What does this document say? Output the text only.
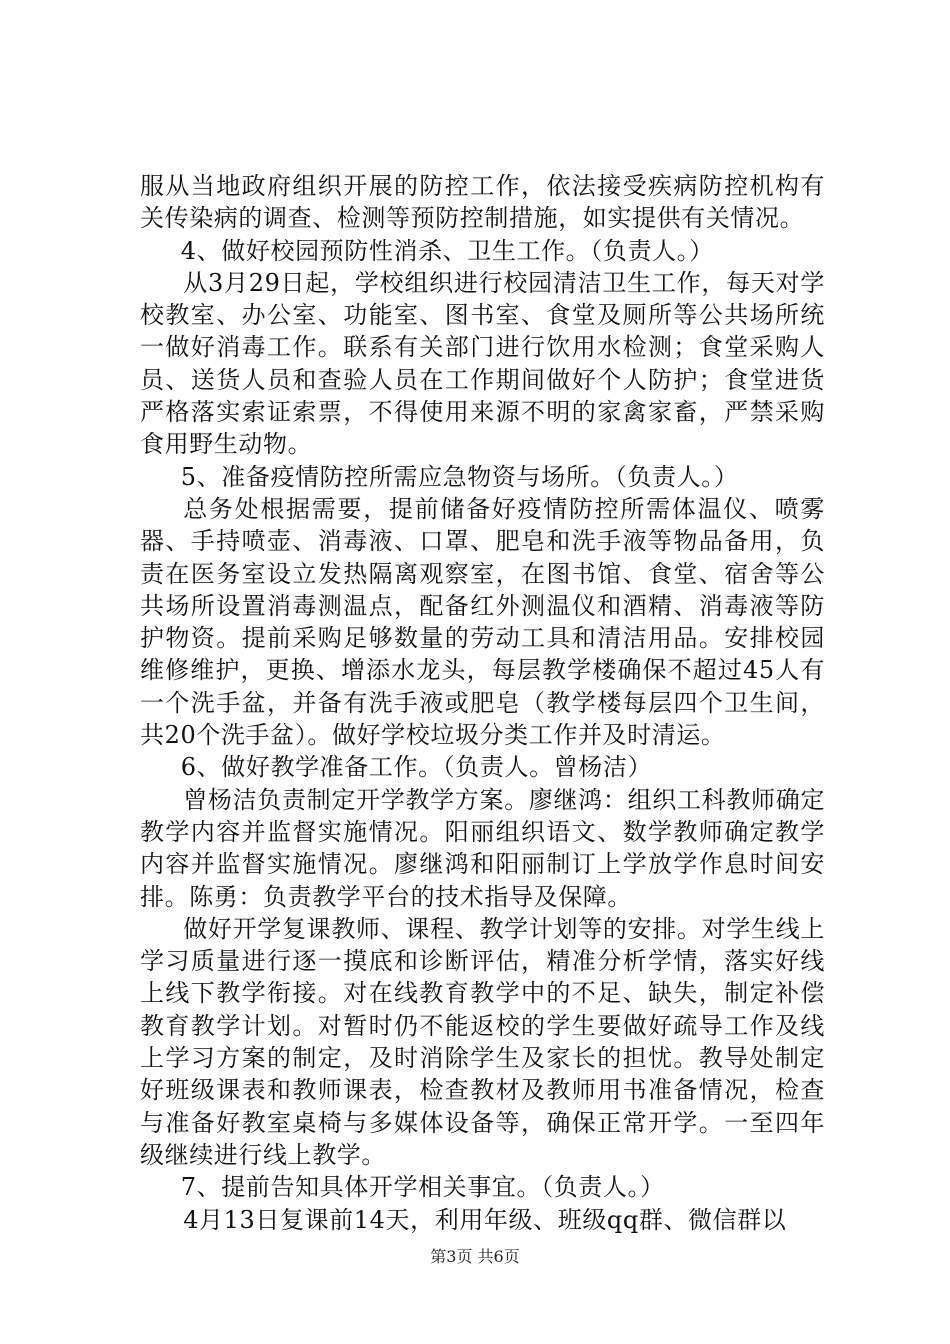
服从当地政府组织开展的防控工作，依法接受疾病防控机构有关传染病的调查、检测等预防控制措施，如实提供有关情况。

4、做好校园预防性消杀、卫生工作。（负责人。）

从3月29日起，学校组织进行校园清洁卫生工作，每天对学校教室、办公室、功能室、图书室、食堂及厕所等公共场所统一做好消毒工作。联系有关部门进行饮用水检测；食堂采购人员、送货人员和查验人员在工作期间做好个人防护；食堂进货严格落实索证索票，不得使用来源不明的家禽家畜，严禁采购食用野生动物。

5、准备疫情防控所需应急物资与场所。（负责人。）

总务处根据需要，提前储备好疫情防控所需体温仪、喷雾器、手持喷壶、消毒液、口罩、肥皂和洗手液等物品备用，负责在医务室设立发热隔离观察室，在图书馆、食堂、宿舍等公共场所设置消毒测温点，配备红外测温仪和酒精、消毒液等防护物资。提前采购足够数量的劳动工具和清洁用品。安排校园维修维护，更换、增添水龙头，每层教学楼确保不超过45人有一个洗手盆，并备有洗手液或肥皂（教学楼每层四个卫生间，共20个洗手盆）。做好学校垃圾分类工作并及时清运。

6、做好教学准备工作。（负责人。曾杨洁）

曾杨洁负责制定开学教学方案。廖继鸿：组织工科教师确定教学内容并监督实施情况。阳丽组织语文、数学教师确定教学内容并监督实施情况。廖继鸿和阳丽制订上学放学作息时间安排。陈勇：负责教学平台的技术指导及保障。

做好开学复课教师、课程、教学计划等的安排。对学生线上学习质量进行逐一摸底和诊断评估，精准分析学情，落实好线上线下教学衔接。对在线教育教学中的不足、缺失，制定补偿教育教学计划。对暂时仍不能返校的学生要做好疏导工作及线上学习方案的制定，及时消除学生及家长的担忧。教导处制定好班级课表和教师课表，检查教材及教师用书准备情况，检查与准备好教室桌椅与多媒体设备等，确保正常开学。一至四年级继续进行线上教学。

7、提前告知具体开学相关事宜。（负责人。）

4月13日复课前14天，利用年级、班级qq群、微信群以

第3页 共6页
